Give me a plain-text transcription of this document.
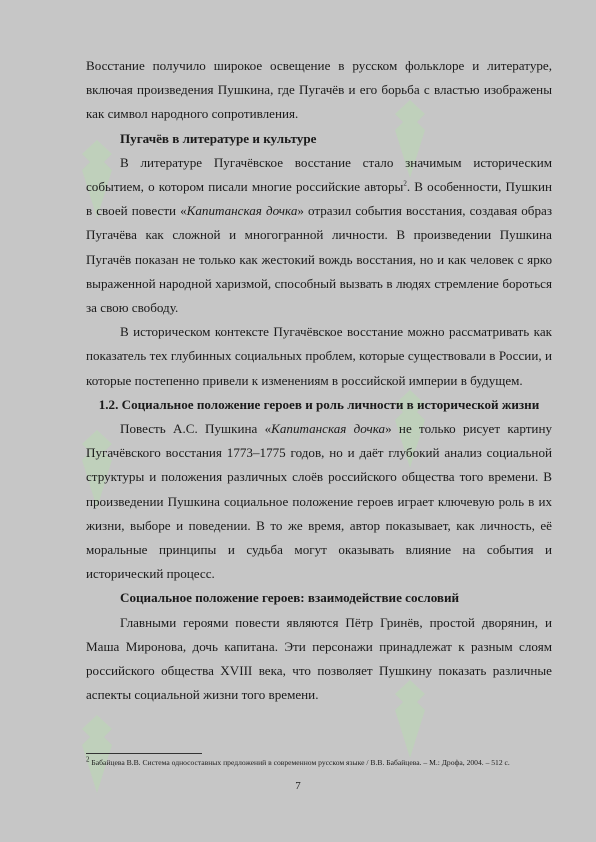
Восстание получило широкое освещение в русском фольклоре и литературе, включая произведения Пушкина, где Пугачёв и его борьба с властью изображены как символ народного сопротивления.

Пугачёв в литературе и культуре

В литературе Пугачёвское восстание стало значимым историческим событием, о котором писали многие российские авторы$^2$. В особенности, Пушкин в своей повести «Капитанская дочка» отразил события восстания, создавая образ Пугачёва как сложной и многогранной личности. В произведении Пушкина Пугачёв показан не только как жестокий вождь восстания, но и как человек с ярко выраженной народной харизмой, способный вызвать в людях стремление бороться за свою свободу.

В историческом контексте Пугачёвское восстание можно рассматривать как показатель тех глубинных социальных проблем, которые существовали в России, и которые постепенно привели к изменениям в российской империи в будущем.

1.2. Социальное положение героев и роль личности в исторической жизни

Повесть А.С. Пушкина «Капитанская дочка» не только рисует картину Пугачёвского восстания 1773–1775 годов, но и даёт глубокий анализ социальной структуры и положения различных слоёв российского общества того времени. В произведении Пушкина социальное положение героев играет ключевую роль в их жизни, выборе и поведении. В то же время, автор показывает, как личность, её моральные принципы и судьба могут оказывать влияние на события и исторический процесс.

Социальное положение героев: взаимодействие сословий

Главными героями повести являются Пётр Гринёв, простой дворянин, и Маша Миронова, дочь капитана. Эти персонажи принадлежат к разным слоям российского общества XVIII века, что позволяет Пушкину показать различные аспекты социальной жизни того времени.

$^2$ Бабайцева В.В. Система односоставных предложений в современном русском языке / В.В. Бабайцева. – М.: Дрофа, 2004. – 512 с.
7
